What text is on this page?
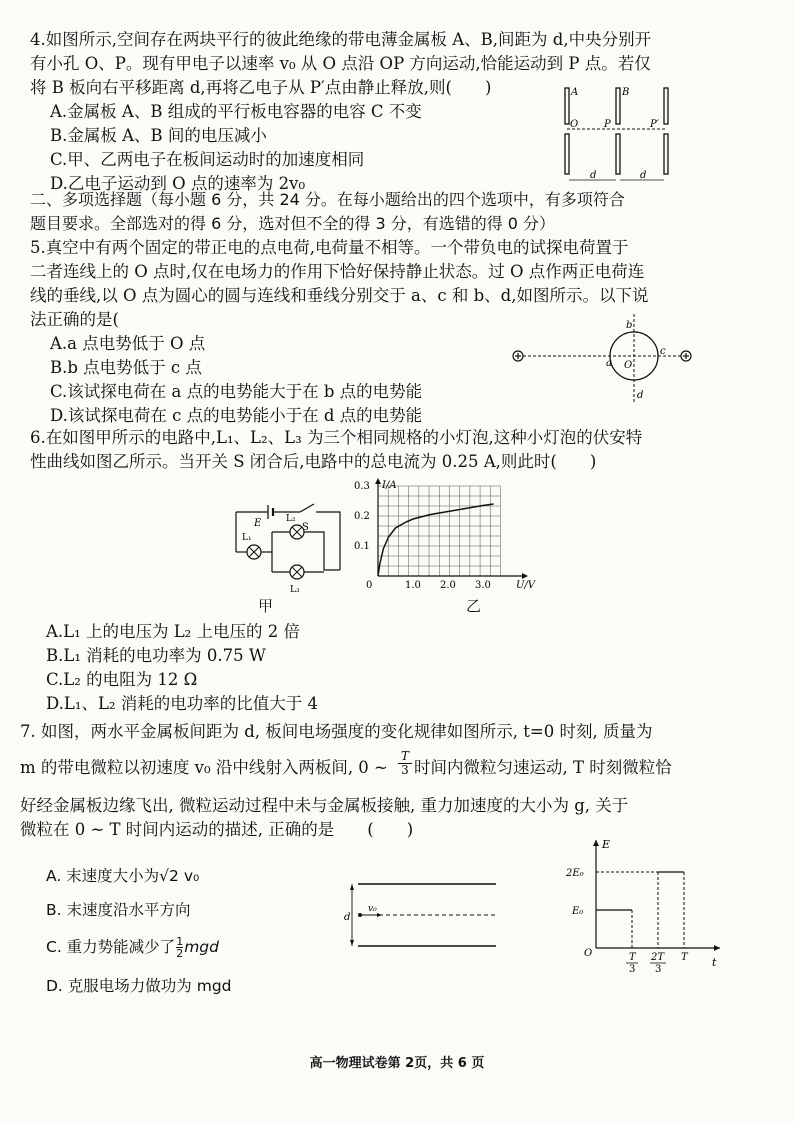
4.如图所示,空间存在两块平行的彼此绝缘的带电薄金属板 A、B,间距为 d,中央分别开
有小孔 O、P。现有甲电子以速率 v₀ 从 O 点沿 OP 方向运动,恰能运动到 P 点。若仅
将 B 板向右平移距离 d,再将乙电子从 P′点由静止释放,则(　　)
A.金属板 A、B 组成的平行板电容器的电容 C 不变
B.金属板 A、B 间的电压减小
C.甲、乙两电子在板间运动时的加速度相同
D.乙电子运动到 O 点的速率为 2v₀
A	B
O	P	P′
d	d
二、多项选择题（每小题 6 分，共 24 分。在每小题给出的四个选项中，有多项符合
题目要求。全部选对的得 6 分，选对但不全的得 3 分，有选错的得 0 分）
5.真空中有两个固定的带正电的点电荷,电荷量不相等。一个带负电的试探电荷置于
二者连线上的 O 点时,仅在电场力的作用下恰好保持静止状态。过 O 点作两正电荷连
线的垂线,以 O 点为圆心的圆与连线和垂线分别交于 a、c 和 b、d,如图所示。以下说
法正确的是(
A.a 点电势低于 O 点
B.b 点电势低于 c 点
C.该试探电荷在 a 点的电势能大于在 b 点的电势能
D.该试探电荷在 c 点的电势能小于在 d 点的电势能
a
b
c
d
O
6.在如图甲所示的电路中,L₁、L₂、L₃ 为三个相同规格的小灯泡,这种小灯泡的伏安特
性曲线如图乙所示。当开关 S 闭合后,电路中的总电流为 0.25 A,则此时(　　)
E	S
L₁
L₂
L₃
甲
1.0 2.0 3.0
0.1
0.2
0.3
0	U/V
I/A
乙
A.L₁ 上的电压为 L₂ 上电压的 2 倍
B.L₁ 消耗的电功率为 0.75 W
C.L₂ 的电阻为 12 Ω
D.L₁、L₂ 消耗的电功率的比值大于 4
7. 如图，两水平金属板间距为 d, 板间电场强度的变化规律如图所示, t=0 时刻, 质量为
m 的带电微粒以初速度 v₀ 沿中线射入两板间, 0 ~ $\frac{T}{3}$ 时间内微粒匀速运动, T 时刻微粒恰
好经金属板边缘飞出, 微粒运动过程中未与金属板接触, 重力加速度的大小为 g, 关于
微粒在 0 ~ T 时间内运动的描述, 正确的是　　(　　)
A. 末速度大小为√2 v₀
B. 末速度沿水平方向
C. 重力势能减少了 $\frac{1}{2}$ mgd
D. 克服电场力做功为 mgd
d
v₀
E
t
O
2E₀
E₀
T
3
2T
3
T
高一物理试卷第 2页，共 6 页
